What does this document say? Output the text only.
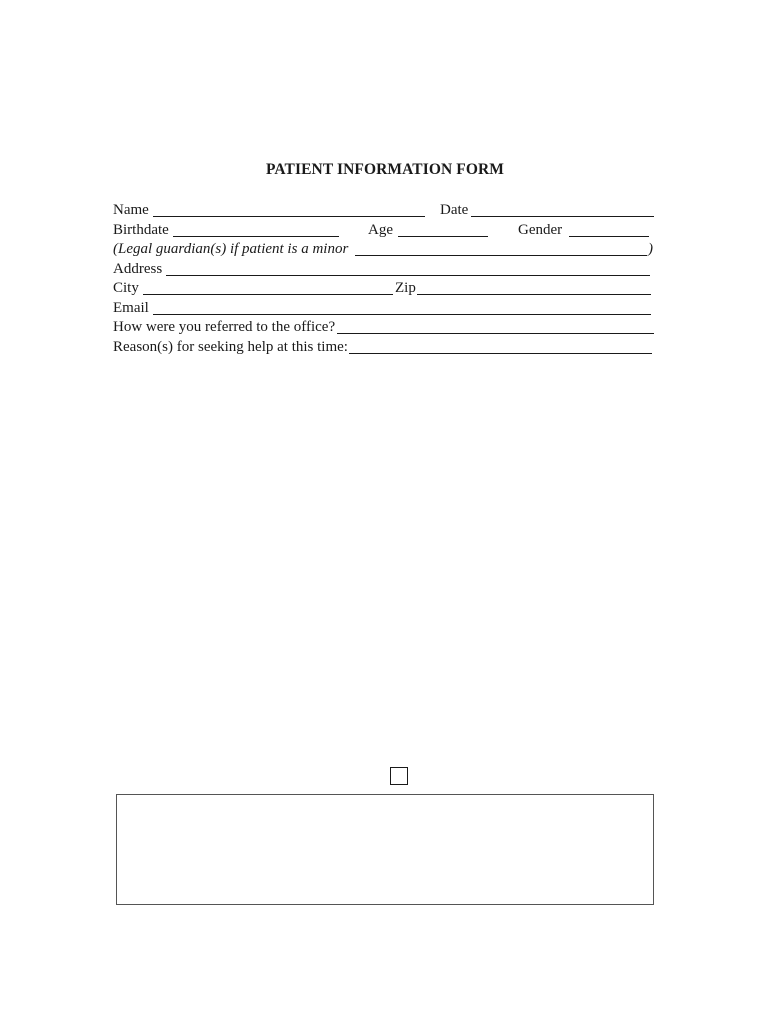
PATIENT INFORMATION FORM
Name	Date
Birthdate	Age	Gender
(Legal guardian(s) if patient is a minor	)
Address
City	Zip
Email
How were you referred to the office?
Reason(s) for seeking help at this time:
